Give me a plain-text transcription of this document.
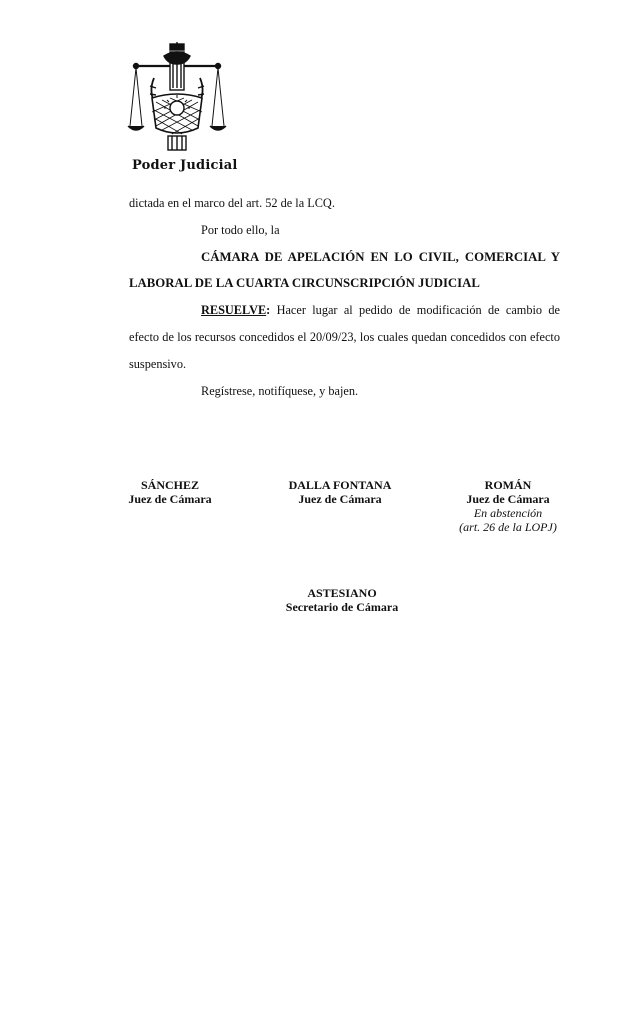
Poder Judicial

dictada en el marco del art. 52 de la LCQ.

Por todo ello, la

CÁMARA DE APELACIÓN EN LO CIVIL, COMERCIAL Y LABORAL DE LA CUARTA CIRCUNSCRIPCIÓN JUDICIAL

RESUELVE: Hacer lugar al pedido de modificación de cambio de efecto de los recursos concedidos el 20/09/23, los cuales quedan concedidos con efecto suspensivo.

Regístrese, notifíquese, y bajen.

SÁNCHEZ
Juez de Cámara
DALLA FONTANA
Juez de Cámara
ROMÁN
Juez de Cámara
En abstención
(art. 26 de la LOPJ)
ASTESIANO
Secretario de Cámara
